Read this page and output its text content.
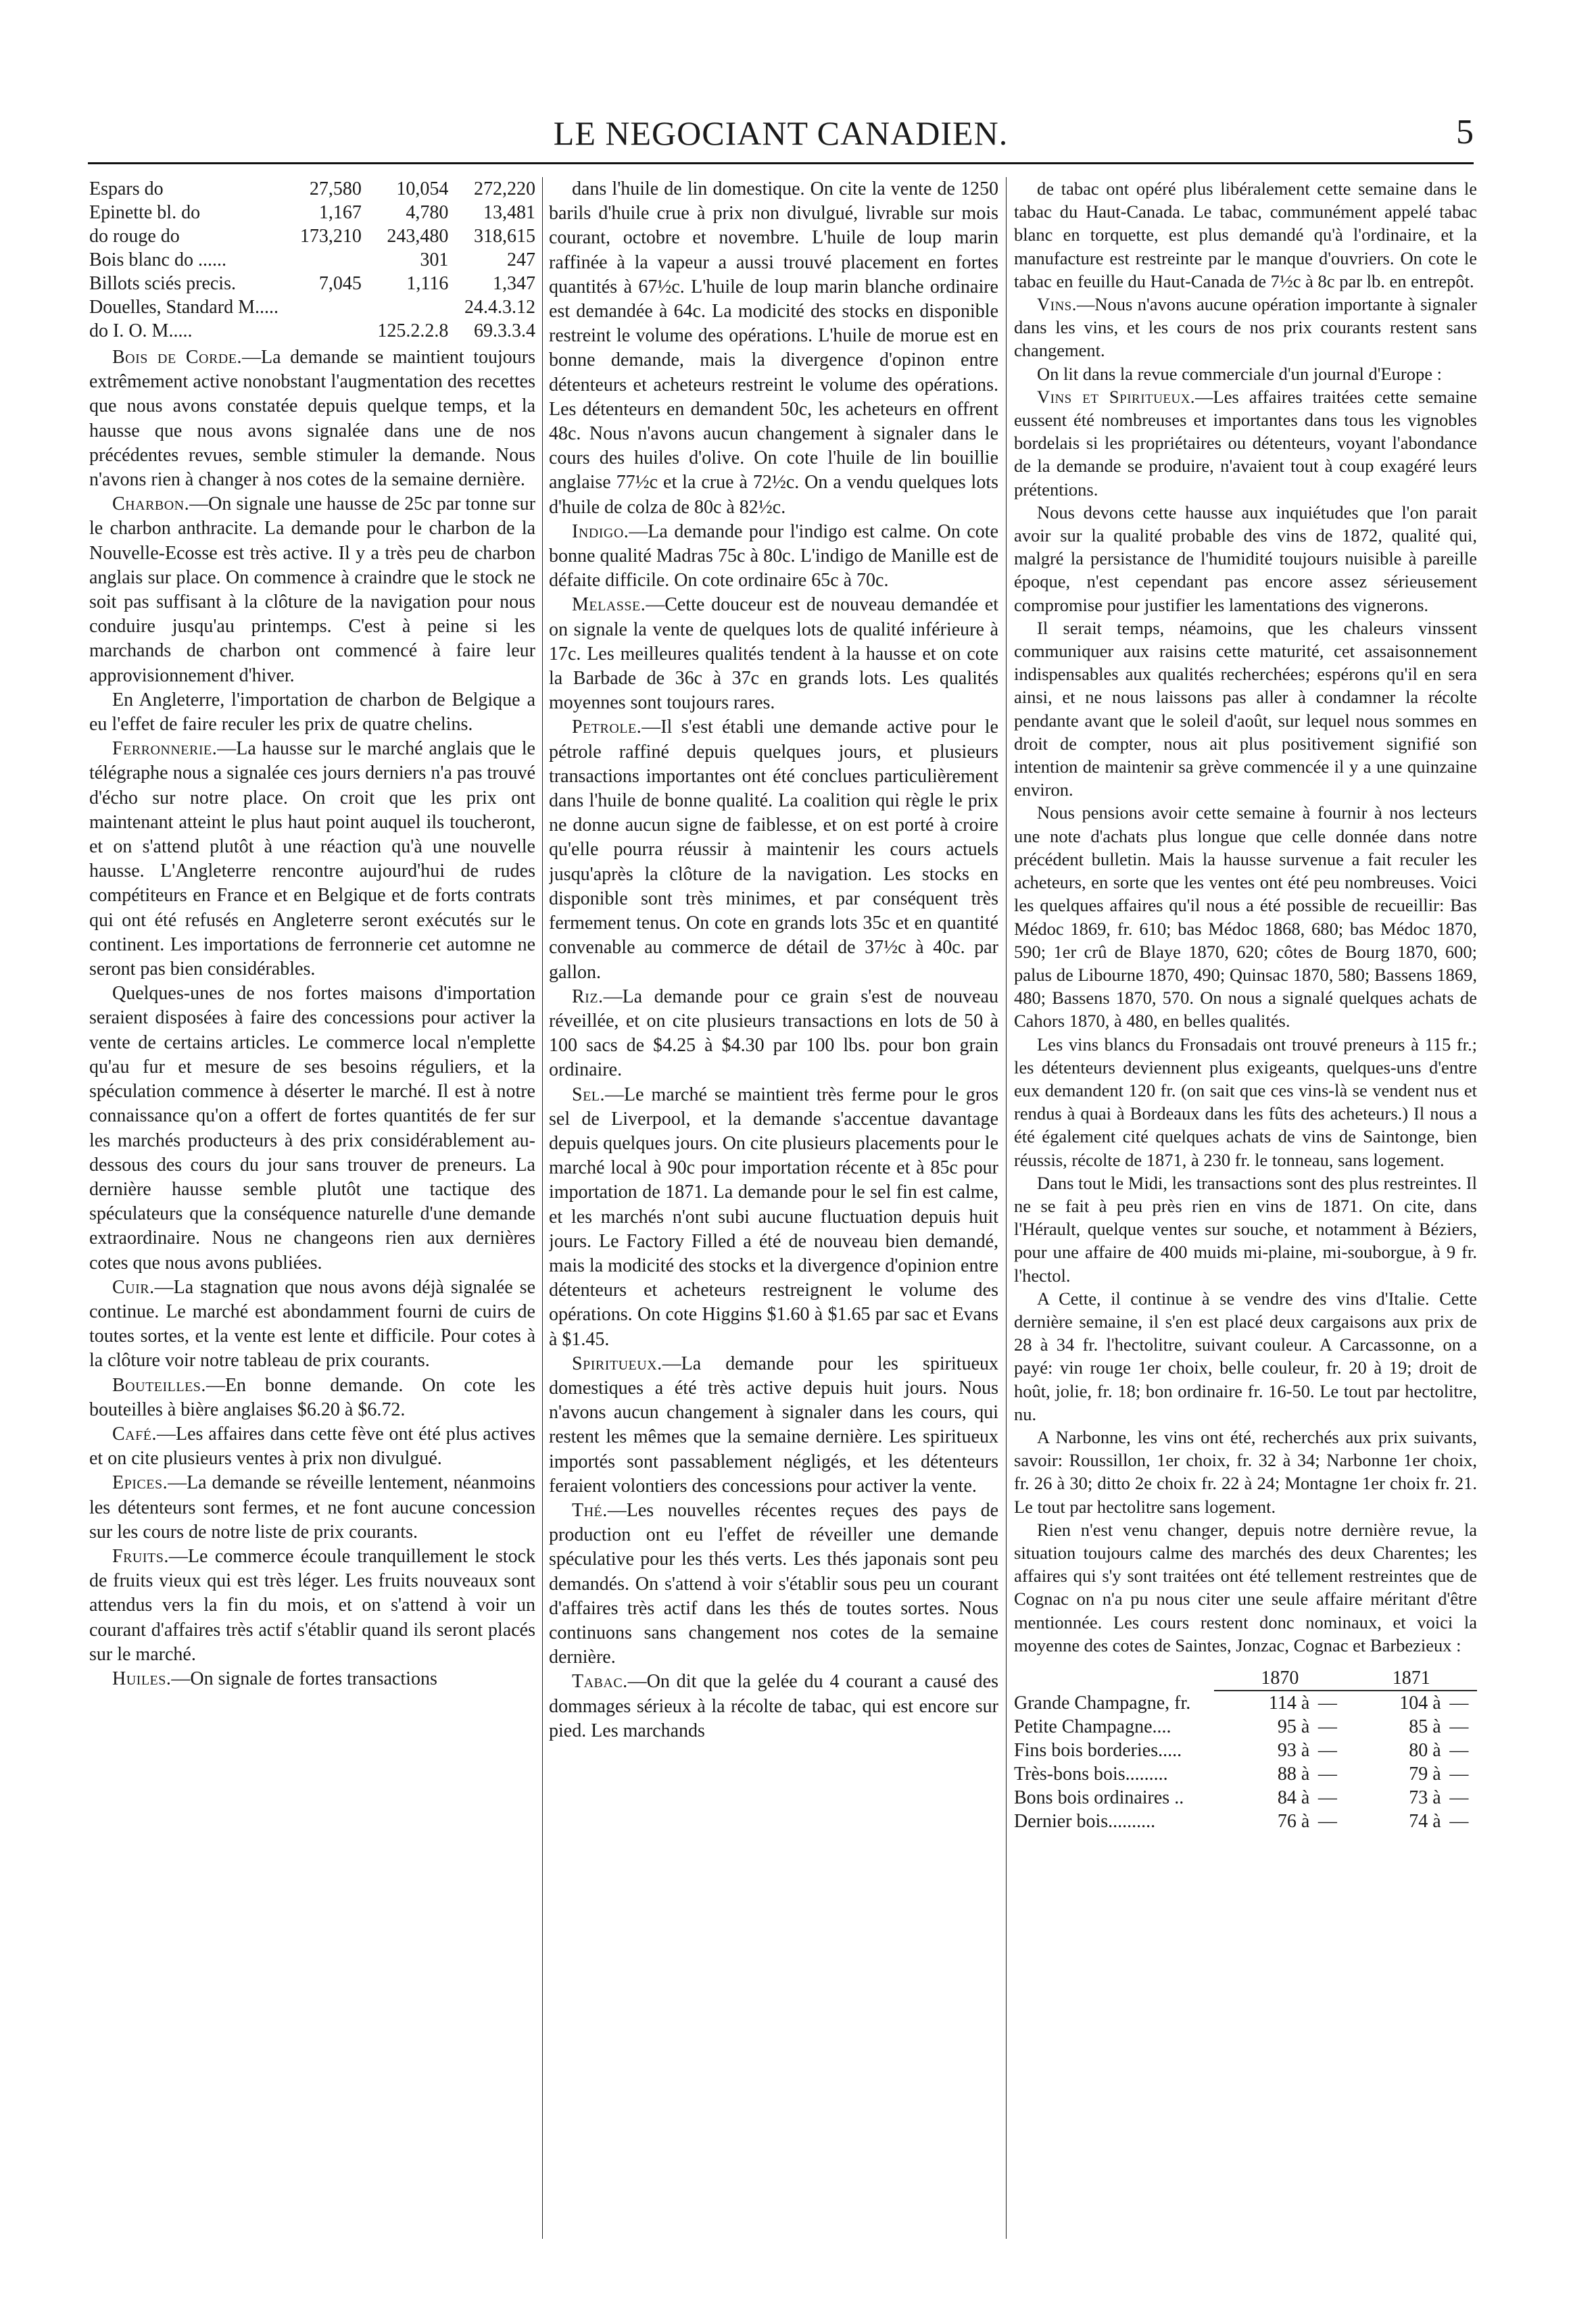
LE NEGOCIANT CANADIEN.	5
Espars do	27,580	10,054	272,220
Epinette bl. do	1,167	4,780	13,481
do rouge do	173,210	243,480	318,615
Bois blanc do ......		301	247
Billots sciés precis.	7,045	1,116	1,347
Douelles, Standard M.....			24.4.3.12
do I. O. M.....		125.2.2.8	69.3.3.4

Bois de Corde.—La demande se maintient toujours extrêmement active nonobstant l'augmentation des recettes que nous avons constatée depuis quelque temps, et la hausse que nous avons signalée dans une de nos précédentes revues, semble stimuler la demande. Nous n'avons rien à changer à nos cotes de la semaine dernière.

Charbon.—On signale une hausse de 25c par tonne sur le charbon anthracite. La demande pour le charbon de la Nouvelle-Ecosse est très active. Il y a très peu de charbon anglais sur place. On commence à craindre que le stock ne soit pas suffisant à la clôture de la navigation pour nous conduire jusqu'au printemps. C'est à peine si les marchands de charbon ont commencé à faire leur approvisionnement d'hiver.

En Angleterre, l'importation de charbon de Belgique a eu l'effet de faire reculer les prix de quatre chelins.

Ferronnerie.—La hausse sur le marché anglais que le télégraphe nous a signalée ces jours derniers n'a pas trouvé d'écho sur notre place. On croit que les prix ont maintenant atteint le plus haut point auquel ils toucheront, et on s'attend plutôt à une réaction qu'à une nouvelle hausse. L'Angleterre rencontre aujourd'hui de rudes compétiteurs en France et en Belgique et de forts contrats qui ont été refusés en Angleterre seront exécutés sur le continent. Les importations de ferronnerie cet automne ne seront pas bien considérables.

Quelques-unes de nos fortes maisons d'importation seraient disposées à faire des concessions pour activer la vente de certains articles. Le commerce local n'emplette qu'au fur et mesure de ses besoins réguliers, et la spéculation commence à déserter le marché. Il est à notre connaissance qu'on a offert de fortes quantités de fer sur les marchés producteurs à des prix considérablement au-dessous des cours du jour sans trouver de preneurs. La dernière hausse semble plutôt une tactique des spéculateurs que la conséquence naturelle d'une demande extraordinaire. Nous ne changeons rien aux dernières cotes que nous avons publiées.

Cuir.—La stagnation que nous avons déjà signalée se continue. Le marché est abondamment fourni de cuirs de toutes sortes, et la vente est lente et difficile. Pour cotes à la clôture voir notre tableau de prix courants.

Bouteilles.—En bonne demande. On cote les bouteilles à bière anglaises $6.20 à $6.72.

Café.—Les affaires dans cette fève ont été plus actives et on cite plusieurs ventes à prix non divulgué.

Epices.—La demande se réveille lentement, néanmoins les détenteurs sont fermes, et ne font aucune concession sur les cours de notre liste de prix courants.

Fruits.—Le commerce écoule tranquillement le stock de fruits vieux qui est très léger. Les fruits nouveaux sont attendus vers la fin du mois, et on s'attend à voir un courant d'affaires très actif s'établir quand ils seront placés sur le marché.

Huiles.—On signale de fortes transactions

dans l'huile de lin domestique. On cite la vente de 1250 barils d'huile crue à prix non divulgué, livrable sur mois courant, octobre et novembre. L'huile de loup marin raffinée à la vapeur a aussi trouvé placement en fortes quantités à 67½c. L'huile de loup marin blanche ordinaire est demandée à 64c. La modicité des stocks en disponible restreint le volume des opérations. L'huile de morue est en bonne demande, mais la divergence d'opinon entre détenteurs et acheteurs restreint le volume des opérations. Les détenteurs en demandent 50c, les acheteurs en offrent 48c. Nous n'avons aucun changement à signaler dans le cours des huiles d'olive. On cote l'huile de lin bouillie anglaise 77½c et la crue à 72½c. On a vendu quelques lots d'huile de colza de 80c à 82½c.

Indigo.—La demande pour l'indigo est calme. On cote bonne qualité Madras 75c à 80c. L'indigo de Manille est de défaite difficile. On cote ordinaire 65c à 70c.

Melasse.—Cette douceur est de nouveau demandée et on signale la vente de quelques lots de qualité inférieure à 17c. Les meilleures qualités tendent à la hausse et on cote la Barbade de 36c à 37c en grands lots. Les qualités moyennes sont toujours rares.

Petrole.—Il s'est établi une demande active pour le pétrole raffiné depuis quelques jours, et plusieurs transactions importantes ont été conclues particulièrement dans l'huile de bonne qualité. La coalition qui règle le prix ne donne aucun signe de faiblesse, et on est porté à croire qu'elle pourra réussir à maintenir les cours actuels jusqu'après la clôture de la navigation. Les stocks en disponible sont très minimes, et par conséquent très fermement tenus. On cote en grands lots 35c et en quantité convenable au commerce de détail de 37½c à 40c. par gallon.

Riz.—La demande pour ce grain s'est de nouveau réveillée, et on cite plusieurs transactions en lots de 50 à 100 sacs de $4.25 à $4.30 par 100 lbs. pour bon grain ordinaire.

Sel.—Le marché se maintient très ferme pour le gros sel de Liverpool, et la demande s'accentue davantage depuis quelques jours. On cite plusieurs placements pour le marché local à 90c pour importation récente et à 85c pour importation de 1871. La demande pour le sel fin est calme, et les marchés n'ont subi aucune fluctuation depuis huit jours. Le Factory Filled a été de nouveau bien demandé, mais la modicité des stocks et la divergence d'opinion entre détenteurs et acheteurs restreignent le volume des opérations. On cote Higgins $1.60 à $1.65 par sac et Evans à $1.45.

Spiritueux.—La demande pour les spiritueux domestiques a été très active depuis huit jours. Nous n'avons aucun changement à signaler dans les cours, qui restent les mêmes que la semaine dernière. Les spiritueux importés sont passablement négligés, et les détenteurs feraient volontiers des concessions pour activer la vente.

Thé.—Les nouvelles récentes reçues des pays de production ont eu l'effet de réveiller une demande spéculative pour les thés verts. Les thés japonais sont peu demandés. On s'attend à voir s'établir sous peu un courant d'affaires très actif dans les thés de toutes sortes. Nous continuons sans changement nos cotes de la semaine dernière.

Tabac.—On dit que la gelée du 4 courant a causé des dommages sérieux à la récolte de tabac, qui est encore sur pied. Les marchands

de tabac ont opéré plus libéralement cette semaine dans le tabac du Haut-Canada. Le tabac, communément appelé tabac blanc en torquette, est plus demandé qu'à l'ordinaire, et la manufacture est restreinte par le manque d'ouvriers. On cote le tabac en feuille du Haut-Canada de 7½c à 8c par lb. en entrepôt.

Vins.—Nous n'avons aucune opération importante à signaler dans les vins, et les cours de nos prix courants restent sans changement.

On lit dans la revue commerciale d'un journal d'Europe :

Vins et Spiritueux.—Les affaires traitées cette semaine eussent été nombreuses et importantes dans tous les vignobles bordelais si les propriétaires ou détenteurs, voyant l'abondance de la demande se produire, n'avaient tout à coup exagéré leurs prétentions.

Nous devons cette hausse aux inquiétudes que l'on parait avoir sur la qualité probable des vins de 1872, qualité qui, malgré la persistance de l'humidité toujours nuisible à pareille époque, n'est cependant pas encore assez sérieusement compromise pour justifier les lamentations des vignerons.

Il serait temps, néamoins, que les chaleurs vinssent communiquer aux raisins cette maturité, cet assaisonnement indispensables aux qualités recherchées; espérons qu'il en sera ainsi, et ne nous laissons pas aller à condamner la récolte pendante avant que le soleil d'août, sur lequel nous sommes en droit de compter, nous ait plus positivement signifié son intention de maintenir sa grève commencée il y a une quinzaine environ.

Nous pensions avoir cette semaine à fournir à nos lecteurs une note d'achats plus longue que celle donnée dans notre précédent bulletin. Mais la hausse survenue a fait reculer les acheteurs, en sorte que les ventes ont été peu nombreuses. Voici les quelques affaires qu'il nous a été possible de recueillir: Bas Médoc 1869, fr. 610; bas Médoc 1868, 680; bas Médoc 1870, 590; 1er crû de Blaye 1870, 620; côtes de Bourg 1870, 600; palus de Libourne 1870, 490; Quinsac 1870, 580; Bassens 1869, 480; Bassens 1870, 570. On nous a signalé quelques achats de Cahors 1870, à 480, en belles qualités.

Les vins blancs du Fronsadais ont trouvé preneurs à 115 fr.; les détenteurs deviennent plus exigeants, quelques-uns d'entre eux demandent 120 fr. (on sait que ces vins-là se vendent nus et rendus à quai à Bordeaux dans les fûts des acheteurs.) Il nous a été également cité quelques achats de vins de Saintonge, bien réussis, récolte de 1871, à 230 fr. le tonneau, sans logement.

Dans tout le Midi, les transactions sont des plus restreintes. Il ne se fait à peu près rien en vins de 1871. On cite, dans l'Hérault, quelque ventes sur souche, et notamment à Béziers, pour une affaire de 400 muids mi-plaine, mi-souborgue, à 9 fr. l'hectol.

A Cette, il continue à se vendre des vins d'Italie. Cette dernière semaine, il s'en est placé deux cargaisons aux prix de 28 à 34 fr. l'hectolitre, suivant couleur. A Carcassonne, on a payé: vin rouge 1er choix, belle couleur, fr. 20 à 19; droit de hoût, jolie, fr. 18; bon ordinaire fr. 16-50. Le tout par hectolitre, nu.

A Narbonne, les vins ont été, recherchés aux prix suivants, savoir: Roussillon, 1er choix, fr. 32 à 34; Narbonne 1er choix, fr. 26 à 30; ditto 2e choix fr. 22 à 24; Montagne 1er choix fr. 21. Le tout par hectolitre sans logement.

Rien n'est venu changer, depuis notre dernière revue, la situation toujours calme des marchés des deux Charentes; les affaires qui s'y sont traitées ont été tellement restreintes que de Cognac on n'a pu nous citer une seule affaire méritant d'être mentionnée. Les cours restent donc nominaux, et voici la moyenne des cotes de Saintes, Jonzac, Cognac et Barbezieux :

	1870		1871	
Grande Champagne, fr.	114 à	—	104 à	—
Petite Champagne....	95 à	—	85 à	—
Fins bois borderies.....	93 à	—	80 à	—
Très-bons bois.........	88 à	—	79 à	—
Bons bois ordinaires ..	84 à	—	73 à	—
Dernier bois..........	76 à	—	74 à	—
